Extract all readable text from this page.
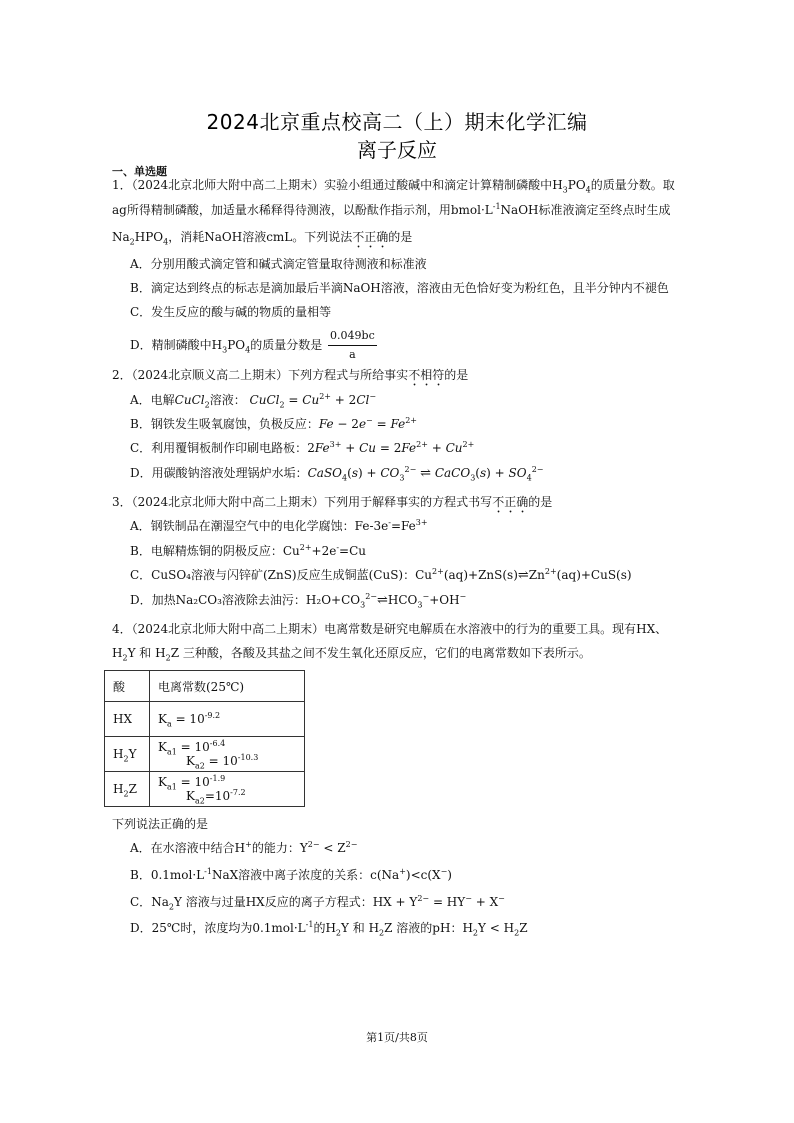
2024北京重点校高二（上）期末化学汇编
离子反应
一、单选题
1．（2024北京北师大附中高二上期末）实验小组通过酸碱中和滴定计算精制磷酸中$H_3PO_4$的质量分数。取
ag所得精制磷酸，加适量水稀释得待测液，以酚酞作指示剂，用$bmol\cdot L^{-1}NaOH$标准液滴定至终点时生成
$Na_2HPO_4$，消耗NaOH溶液cmL。下列说法不正确的是
A．分别用酸式滴定管和碱式滴定管量取待测液和标准液
B．滴定达到终点的标志是滴加最后半滴NaOH溶液，溶液由无色恰好变为粉红色，且半分钟内不褪色
C．发生反应的酸与碱的物质的量相等
D．精制磷酸中$H_3PO_4$的质量分数是 $\frac{0.049bc}{a}$
2．（2024北京顺义高二上期末）下列方程式与所给事实不相符的是
A．电解CuCl$_2$溶液： CuCl$_2$ = $Cu^{2+} + 2Cl^-$
B．钢铁发生吸氧腐蚀，负极反应：$Fe - 2e^- = Fe^{2+}$
C．利用覆铜板制作印刷电路板：$2Fe^{3+} + Cu = 2Fe^{2+} + Cu^{2+}$
D．用碳酸钠溶液处理锅炉水垢：CaSO$_4$(s) + $CO_3^{2-}$ ⇌ CaCO$_3$(s) + $SO_4^{2-}$
3．（2024北京北师大附中高二上期末）下列用于解释事实的方程式书写不正确的是
A．钢铁制品在潮湿空气中的电化学腐蚀：$Fe-3e^-=Fe^{3+}$
B．电解精炼铜的阴极反应：$Cu^{2+}+2e^-=Cu$
C．CuSO₄溶液与闪锌矿(ZnS)反应生成铜蓝(CuS)：$Cu^{2+}(aq)+ZnS(s)\rightleftharpoons Zn^{2+}(aq)+CuS(s)$
D．加热Na₂CO₃溶液除去油污：$H_2O+CO_3^{2-}\rightleftharpoons HCO_3^-+OH^-$
4．（2024北京北师大附中高二上期末）电离常数是研究电解质在水溶液中的行为的重要工具。现有HX、
$H_2Y$ 和 $H_2Z$ 三种酸，各酸及其盐之间不发生氧化还原反应，它们的电离常数如下表所示。
酸	电离常数(25℃)
HX	$K_a = 10^{-9.2}$
$H_2Y$	$K_{a1} = 10^{-6.4}$ $K_{a2} = 10^{-10.3}$
$H_2Z$	$K_{a1} = 10^{-1.9}$ $K_{a2}=10^{-7.2}$
下列说法正确的是
A．在水溶液中结合H+的能力：$Y^{2-} < Z^{2-}$
B．$0.1mol\cdot L^{-1}NaX$溶液中离子浓度的关系：c(Na+)<c(X−)
C．$Na_2Y$ 溶液与过量HX反应的离子方程式：HX + $Y^{2-} = HY^- + X^-$
D．25℃时，浓度均为$0.1mol\cdot L^{-1}$的$H_2Y$ 和 $H_2Z$ 溶液的pH：$H_2Y < H_2Z$
第1页/共8页
